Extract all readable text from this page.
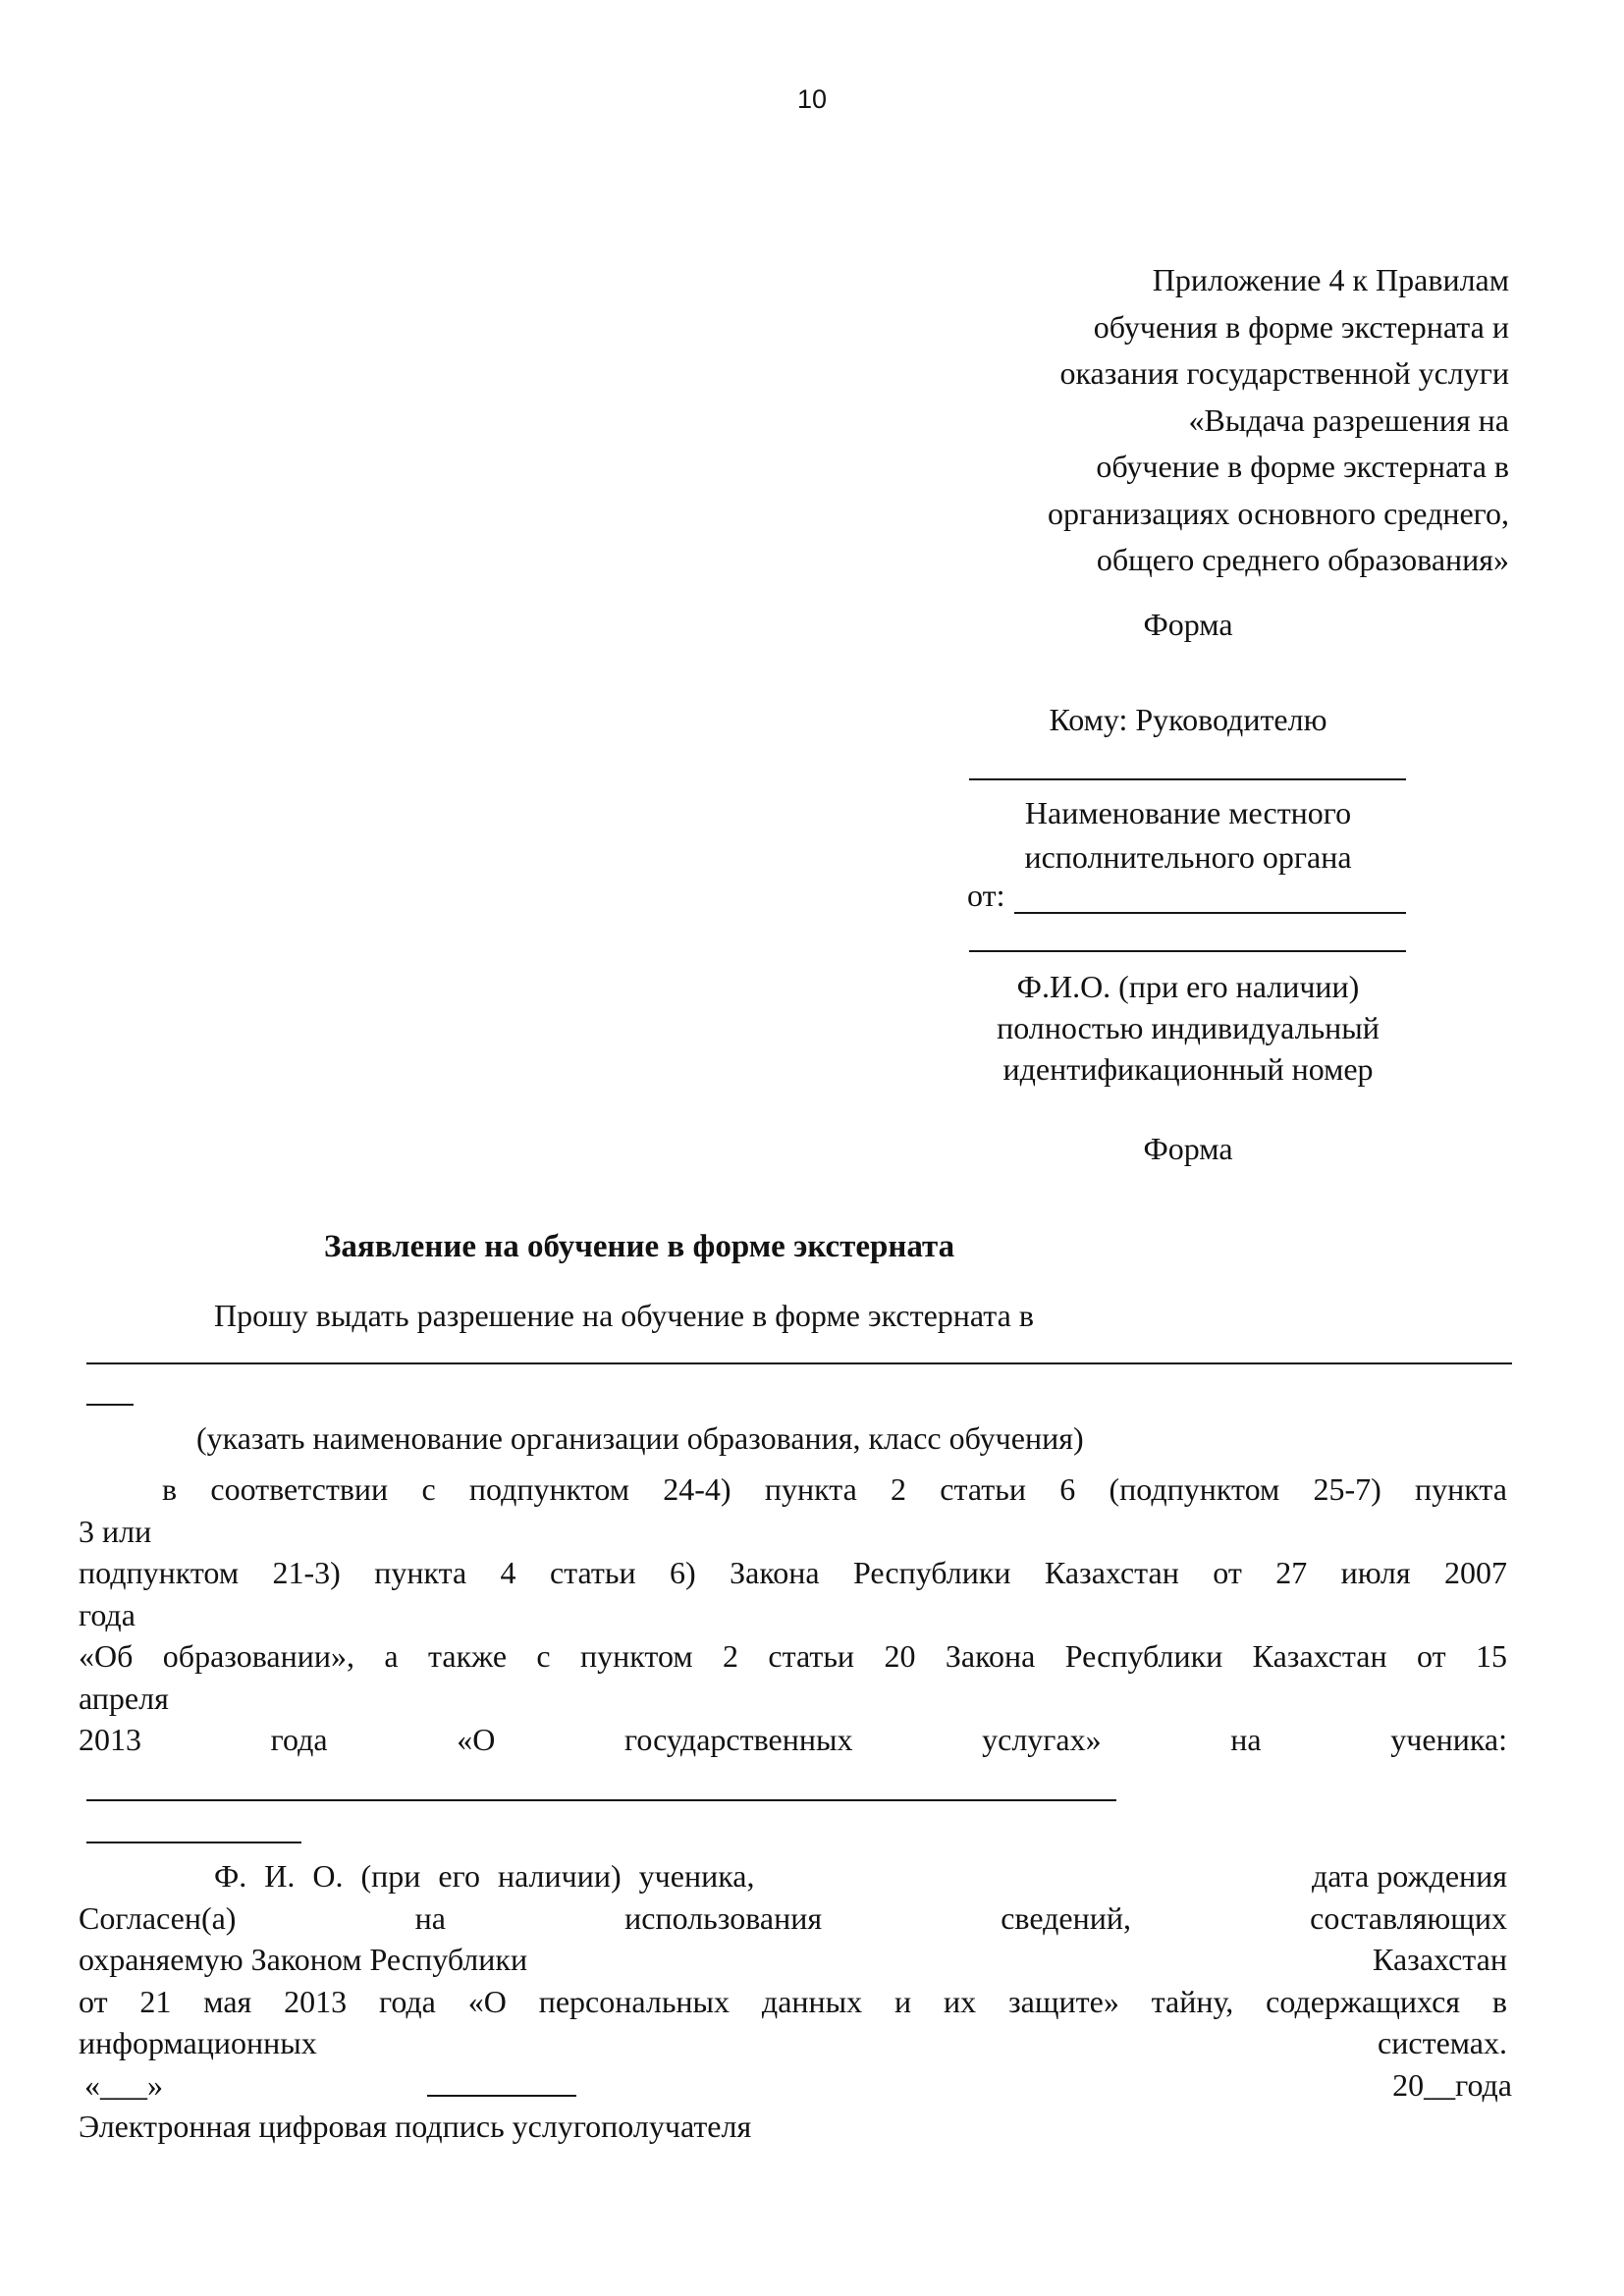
10
Приложение 4 к Правилам
обучения в форме экстерната и
оказания государственной услуги
«Выдача разрешения на
обучение в форме экстерната в
организациях основного среднего,
общего среднего образования»
Форма
Кому: Руководителю
Наименование местного
исполнительного органа
от:
Ф.И.О. (при его наличии)
полностью индивидуальный
идентификационный номер
Форма
Заявление на обучение в форме экстерната
Прошу выдать разрешение на обучение в форме экстерната в
(указать наименование организации образования, класс обучения)
в соответствии с подпунктом 24-4) пункта 2 статьи 6 (подпунктом 25-7) пункта
3 или
подпунктом 21-3) пункта 4 статьи 6) Закона Республики Казахстан от 27 июля 2007
года
«Об образовании», а также с пунктом 2 статьи 20 Закона Республики Казахстан от 15
апреля
2013	года	«О	государственных	услугах»	на	ученика:
Ф. И. О. (при его наличии) ученика,	дата рождения
Согласен(а) на использования сведений, составляющих
охраняемую Законом Республики	Казахстан
от 21 мая 2013 года «О персональных данных и их защите» тайну, содержащихся в
информационных	системах.
«___»	20__года
Электронная цифровая подпись услугополучателя
